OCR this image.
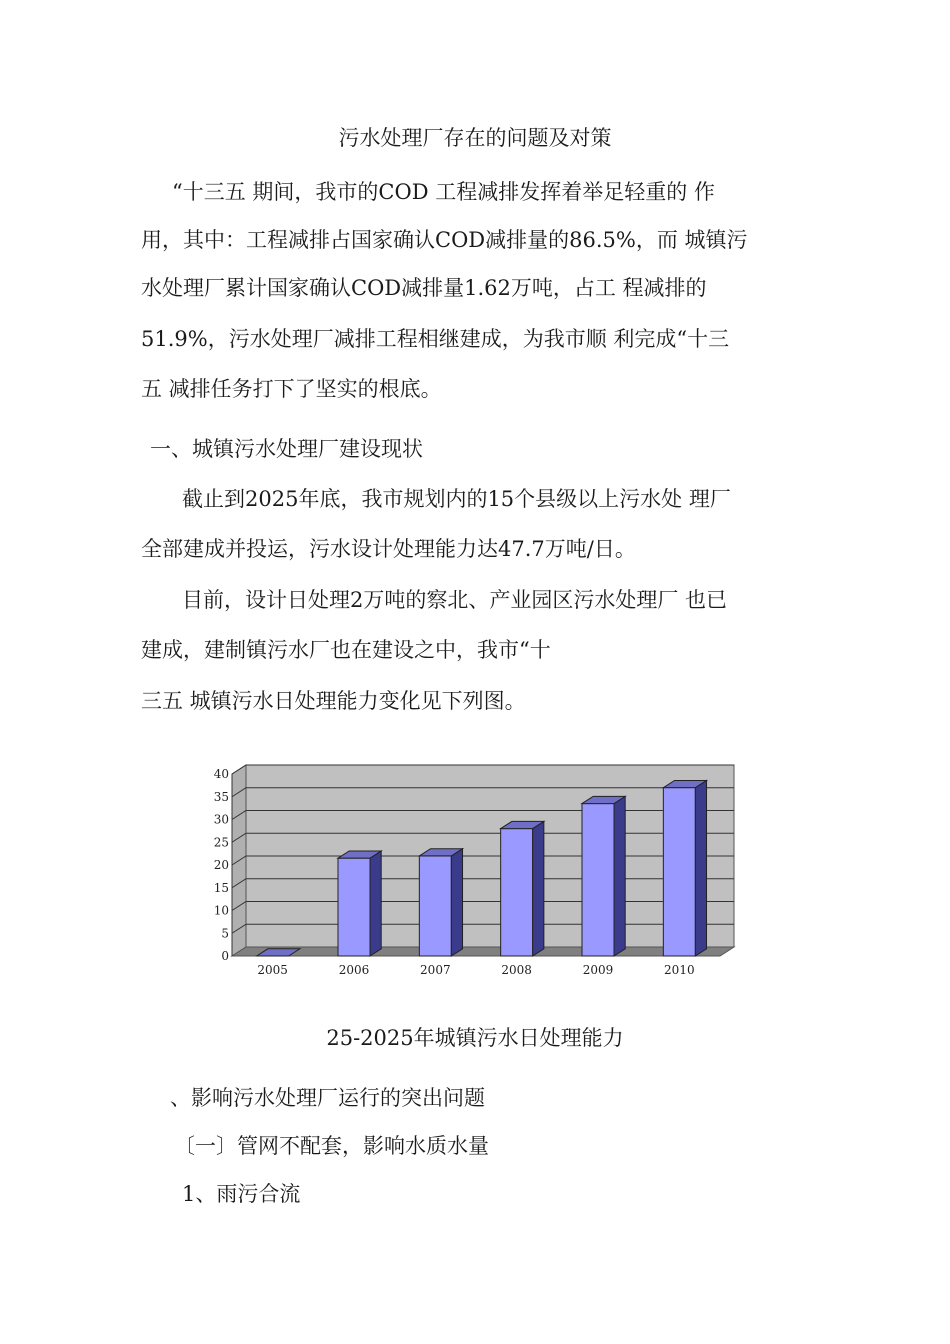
污水处理厂存在的问题及对策
“十三五 期间，我市的COD 工程减排发挥着举足轻重的 作
用，其中：工程减排占国家确认COD减排量的86.5%，而 城镇污
水处理厂累计国家确认COD减排量1.62万吨，占工 程减排的
51.9%，污水处理厂减排工程相继建成，为我市顺 利完成“十三
五 减排任务打下了坚实的根底。
一、城镇污水处理厂建设现状
截止到2025年底，我市规划内的15个县级以上污水处 理厂
全部建成并投运，污水设计处理能力达47.7万吨/日。
目前，设计日处理2万吨的察北、产业园区污水处理厂 也已
建成，建制镇污水厂也在建设之中，我市“十
三五 城镇污水日处理能力变化见下列图。
0
5
10
15
20
25
30
35
40
2005	2006	2007	2008	2009	2010
25-2025年城镇污水日处理能力
、影响污水处理厂运行的突出问题
〔一〕管网不配套，影响水质水量
1、雨污合流
